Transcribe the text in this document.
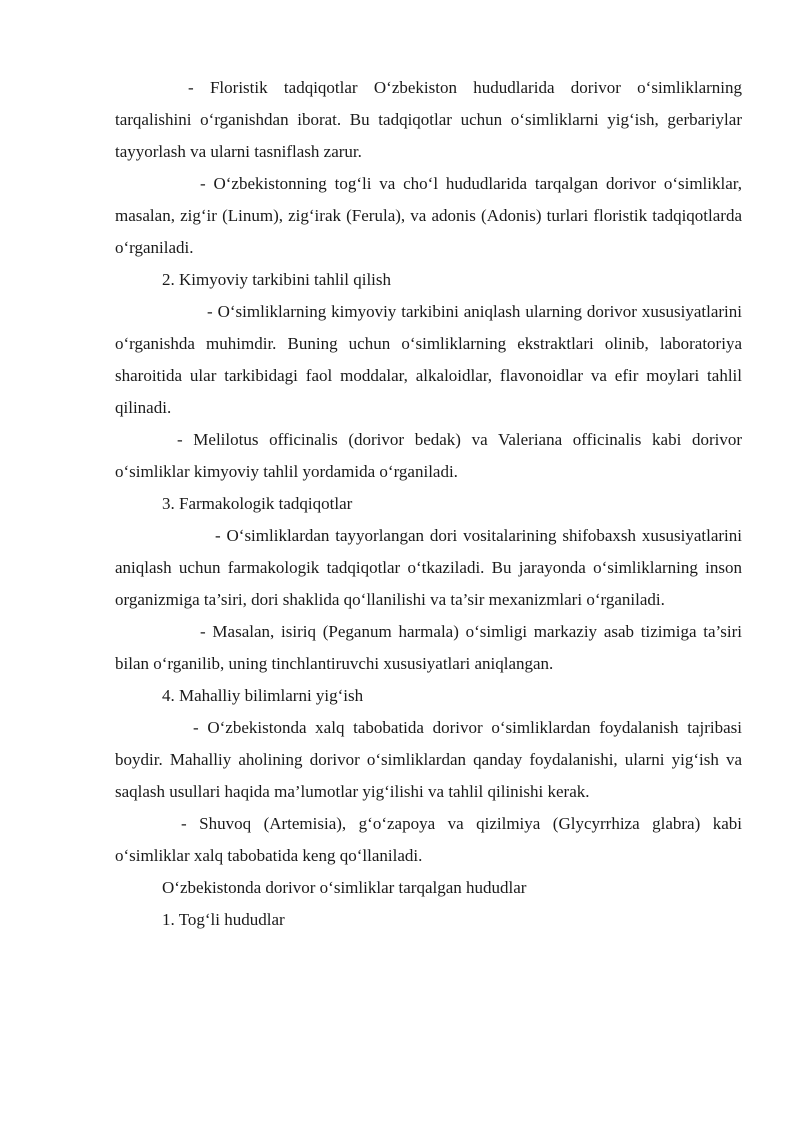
- Floristik tadqiqotlar O‘zbekiston hududlarida dorivor o‘simliklarning tarqalishini o‘rganishdan iborat. Bu tadqiqotlar uchun o‘simliklarni yig‘ish, gerbariylar tayyorlash va ularni tasniflash zarur.

- O‘zbekistonning tog‘li va cho‘l hududlarida tarqalgan dorivor o‘simliklar, masalan, zig‘ir (Linum), zig‘irak (Ferula), va adonis (Adonis) turlari floristik tadqiqotlarda o‘rganiladi.

2. Kimyoviy tarkibini tahlil qilish

- O‘simliklarning kimyoviy tarkibini aniqlash ularning dorivor xususiyatlarini o‘rganishda muhimdir. Buning uchun o‘simliklarning ekstraktlari olinib, laboratoriya sharoitida ular tarkibidagi faol moddalar, alkaloidlar, flavonoidlar va efir moylari tahlil qilinadi.

- Melilotus officinalis (dorivor bedak) va Valeriana officinalis kabi dorivor o‘simliklar kimyoviy tahlil yordamida o‘rganiladi.

3. Farmakologik tadqiqotlar

- O‘simliklardan tayyorlangan dori vositalarining shifobaxsh xususiyatlarini aniqlash uchun farmakologik tadqiqotlar o‘tkaziladi. Bu jarayonda o‘simliklarning inson organizmiga ta’siri, dori shaklida qo‘llanilishi va ta’sir mexanizmlari o‘rganiladi.

- Masalan, isiriq (Peganum harmala) o‘simligi markaziy asab tizimiga ta’siri bilan o‘rganilib, uning tinchlantiruvchi xususiyatlari aniqlangan.

4. Mahalliy bilimlarni yig‘ish

- O‘zbekistonda xalq tabobatida dorivor o‘simliklardan foydalanish tajribasi boydir. Mahalliy aholining dorivor o‘simliklardan qanday foydalanishi, ularni yig‘ish va saqlash usullari haqida ma’lumotlar yig‘ilishi va tahlil qilinishi kerak.

- Shuvoq (Artemisia), g‘o‘zapoya va qizilmiya (Glycyrrhiza glabra) kabi o‘simliklar xalq tabobatida keng qo‘llaniladi.

O‘zbekistonda dorivor o‘simliklar tarqalgan hududlar

1. Tog‘li hududlar
